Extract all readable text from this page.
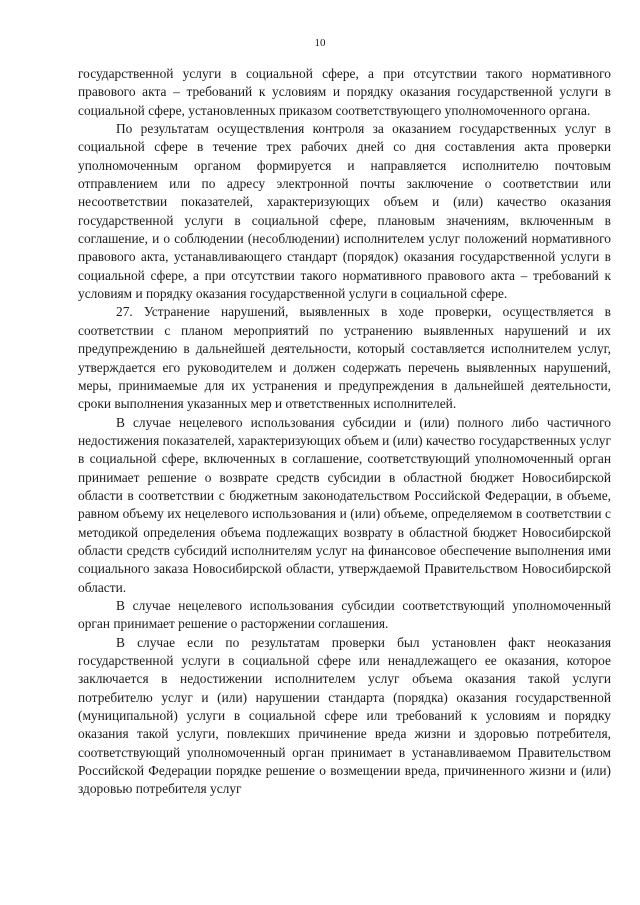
10

государственной услуги в социальной сфере, а при отсутствии такого нормативного правового акта – требований к условиям и порядку оказания государственной услуги в социальной сфере, установленных приказом соответствующего уполномоченного органа.

По результатам осуществления контроля за оказанием государственных услуг в социальной сфере в течение трех рабочих дней со дня составления акта проверки уполномоченным органом формируется и направляется исполнителю почтовым отправлением или по адресу электронной почты заключение о соответствии или несоответствии показателей, характеризующих объем и (или) качество оказания государственной услуги в социальной сфере, плановым значениям, включенным в соглашение, и о соблюдении (несоблюдении) исполнителем услуг положений нормативного правового акта, устанавливающего стандарт (порядок) оказания государственной услуги в социальной сфере, а при отсутствии такого нормативного правового акта – требований к условиям и порядку оказания государственной услуги в социальной сфере.

27. Устранение нарушений, выявленных в ходе проверки, осуществляется в соответствии с планом мероприятий по устранению выявленных нарушений и их предупреждению в дальнейшей деятельности, который составляется исполнителем услуг, утверждается его руководителем и должен содержать перечень выявленных нарушений, меры, принимаемые для их устранения и предупреждения в дальнейшей деятельности, сроки выполнения указанных мер и ответственных исполнителей.

В случае нецелевого использования субсидии и (или) полного либо частичного недостижения показателей, характеризующих объем и (или) качество государственных услуг в социальной сфере, включенных в соглашение, соответствующий уполномоченный орган принимает решение о возврате средств субсидии в областной бюджет Новосибирской области в соответствии с бюджетным законодательством Российской Федерации, в объеме, равном объему их нецелевого использования и (или) объеме, определяемом в соответствии с методикой определения объема подлежащих возврату в областной бюджет Новосибирской области средств субсидий исполнителям услуг на финансовое обеспечение выполнения ими социального заказа Новосибирской области, утверждаемой Правительством Новосибирской области.

В случае нецелевого использования субсидии соответствующий уполномоченный орган принимает решение о расторжении соглашения.

В случае если по результатам проверки был установлен факт неоказания государственной услуги в социальной сфере или ненадлежащего ее оказания, которое заключается в недостижении исполнителем услуг объема оказания такой услуги потребителю услуг и (или) нарушении стандарта (порядка) оказания государственной (муниципальной) услуги в социальной сфере или требований к условиям и порядку оказания такой услуги, повлекших причинение вреда жизни и здоровью потребителя, соответствующий уполномоченный орган принимает в устанавливаемом Правительством Российской Федерации порядке решение о возмещении вреда, причиненного жизни и (или) здоровью потребителя услуг
